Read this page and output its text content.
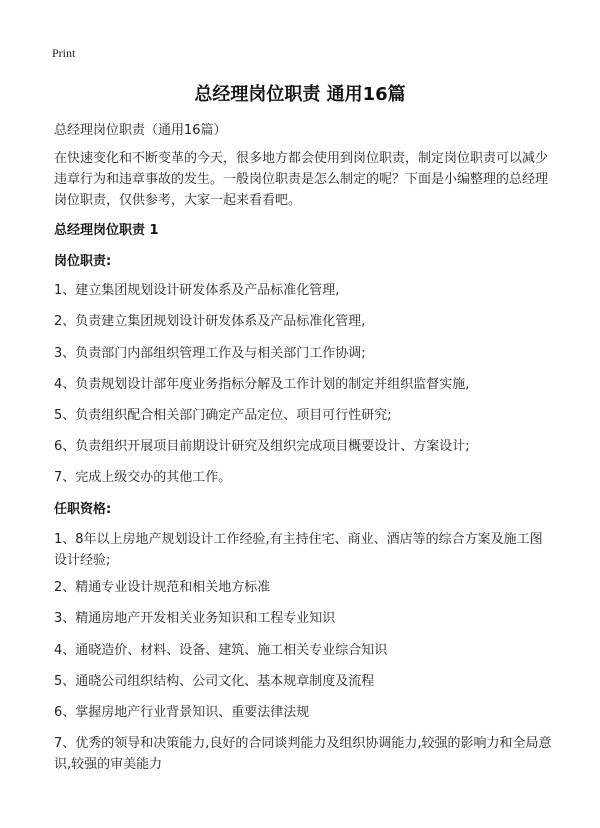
Print
总经理岗位职责 通用16篇
总经理岗位职责（通用16篇）
在快速变化和不断变革的今天，很多地方都会使用到岗位职责，制定岗位职责可以减少违章行为和违章事故的发生。一般岗位职责是怎么制定的呢？下面是小编整理的总经理岗位职责，仅供参考，大家一起来看看吧。
总经理岗位职责 1
岗位职责:
1、建立集团规划设计研发体系及产品标准化管理,
2、负责建立集团规划设计研发体系及产品标准化管理,
3、负责部门内部组织管理工作及与相关部门工作协调;
4、负责规划设计部年度业务指标分解及工作计划的制定并组织监督实施,
5、负责组织配合相关部门确定产品定位、项目可行性研究;
6、负责组织开展项目前期设计研究及组织完成项目概要设计、方案设计;
7、完成上级交办的其他工作。
任职资格:
1、8年以上房地产规划设计工作经验,有主持住宅、商业、酒店等的综合方案及施工图设计经验;
2、精通专业设计规范和相关地方标准
3、精通房地产开发相关业务知识和工程专业知识
4、通晓造价、材料、设备、建筑、施工相关专业综合知识
5、通晓公司组织结构、公司文化、基本规章制度及流程
6、掌握房地产行业背景知识、重要法律法规
7、优秀的领导和决策能力,良好的合同谈判能力及组织协调能力,较强的影响力和全局意识,较强的审美能力
